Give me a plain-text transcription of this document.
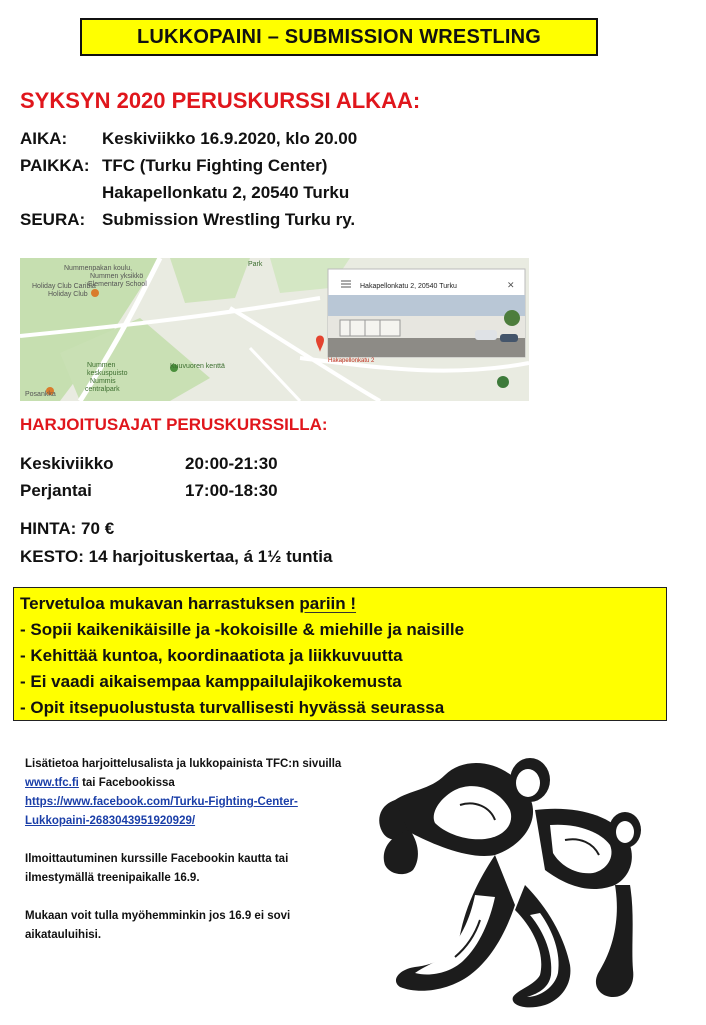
LUKKOPAINI – SUBMISSION WRESTLING
SYKSYN 2020 PERUSKURSSI ALKAA:
AIKA:	Keskiviikko 16.9.2020, klo 20.00
PAIKKA: TFC (Turku Fighting Center)
Hakapellonkatu 2, 20540 Turku
SEURA: Submission Wrestling Turku ry.
Nummenpakan koulu,
Nummen yksikkö
Elementary School
Holiday Club Caribia
Holiday Club
Nummen
keskuspuisto
Nummis
centralpark
Kuuvuoren kenttä
Posankka
Park
Hakapellonkatu 2
Hakapellonkatu 2, 20540 Turku	✕
HARJOITUSAJAT PERUSKURSSILLA:
Keskiviikko	20:00-21:30
Perjantai	17:00-18:30
HINTA: 70 €
KESTO: 14 harjoituskertaa, á 1½ tuntia
Tervetuloa mukavan harrastuksen pariin !
- Sopii kaikenikäisille ja -kokoisille & miehille ja naisille
- Kehittää kuntoa, koordinaatiota ja liikkuvuutta
- Ei vaadi aikaisempaa kamppailulajikokemusta
- Opit itsepuolustusta turvallisesti hyvässä seurassa
Lisätietoa harjoittelusalista ja lukkopainista TFC:n sivuilla
www.tfc.fi tai Facebookissa
https://www.facebook.com/Turku-Fighting-Center-
Lukkopaini-2683043951920929/
Ilmoittautuminen kurssille Facebookin kautta tai
ilmestymällä treenipaikalle 16.9.
Mukaan voit tulla myöhemminkin jos 16.9 ei sovi
aikatauluihisi.
